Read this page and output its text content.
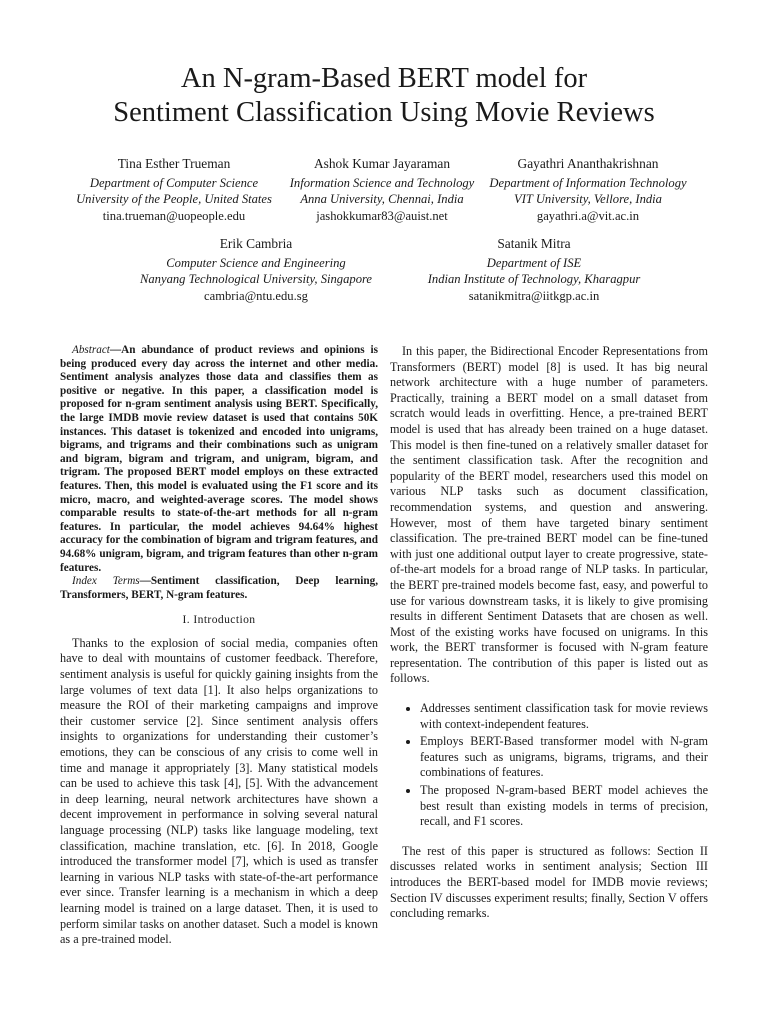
An N-gram-Based BERT model for
Sentiment Classification Using Movie Reviews
Tina Esther Trueman
Department of Computer Science
University of the People, United States
tina.trueman@uopeople.edu
Ashok Kumar Jayaraman
Information Science and Technology
Anna University, Chennai, India
jashokkumar83@auist.net
Gayathri Ananthakrishnan
Department of Information Technology
VIT University, Vellore, India
gayathri.a@vit.ac.in
Erik Cambria
Computer Science and Engineering
Nanyang Technological University, Singapore
cambria@ntu.edu.sg
Satanik Mitra
Department of ISE
Indian Institute of Technology, Kharagpur
satanikmitra@iitkgp.ac.in

Abstract—An abundance of product reviews and opinions is being produced every day across the internet and other media. Sentiment analysis analyzes those data and classifies them as positive or negative. In this paper, a classification model is proposed for n-gram sentiment analysis using BERT. Specifically, the large IMDB movie review dataset is used that contains 50K instances. This dataset is tokenized and encoded into unigrams, bigrams, and trigrams and their combinations such as unigram and bigram, bigram and trigram, and unigram, bigram, and trigram. The proposed BERT model employs on these extracted features. Then, this model is evaluated using the F1 score and its micro, macro, and weighted-average scores. The model shows comparable results to state-of-the-art methods for all n-gram features. In particular, the model achieves 94.64% highest accuracy for the combination of bigram and trigram features, and 94.68% unigram, bigram, and trigram features than other n-gram features.

Index Terms—Sentiment classification, Deep learning, Transformers, BERT, N-gram features.

I. Introduction

Thanks to the explosion of social media, companies often have to deal with mountains of customer feedback. Therefore, sentiment analysis is useful for quickly gaining insights from the large volumes of text data [1]. It also helps organizations to measure the ROI of their marketing campaigns and improve their customer service [2]. Since sentiment analysis offers insights to organizations for understanding their customer’s emotions, they can be conscious of any crisis to come well in time and manage it appropriately [3]. Many statistical models can be used to achieve this task [4], [5]. With the advancement in deep learning, neural network architectures have shown a decent improvement in performance in solving several natural language processing (NLP) tasks like language modeling, text classification, machine translation, etc. [6]. In 2018, Google introduced the transformer model [7], which is used as transfer learning in various NLP tasks with state-of-the-art performance ever since. Transfer learning is a mechanism in which a deep learning model is trained on a large dataset. Then, it is used to perform similar tasks on another dataset. Such a model is known as a pre-trained model.

In this paper, the Bidirectional Encoder Representations from Transformers (BERT) model [8] is used. It has big neural network architecture with a huge number of parameters. Practically, training a BERT model on a small dataset from scratch would leads in overfitting. Hence, a pre-trained BERT model is used that has already been trained on a huge dataset. This model is then fine-tuned on a relatively smaller dataset for the sentiment classification task. After the recognition and popularity of the BERT model, researchers used this model on various NLP tasks such as document classification, recommendation systems, and question and answering. However, most of them have targeted binary sentiment classification. The pre-trained BERT model can be fine-tuned with just one additional output layer to create progressive, state-of-the-art models for a broad range of NLP tasks. In particular, the BERT pre-trained models become fast, easy, and powerful to use for various downstream tasks, it is likely to give promising results in different Sentiment Datasets that are chosen as well. Most of the existing works have focused on unigrams. In this work, the BERT transformer is focused with N-gram feature representation. The contribution of this paper is listed out as follows.

• Addresses sentiment classification task for movie reviews with context-independent features.
• Employs BERT-Based transformer model with N-gram features such as unigrams, bigrams, trigrams, and their combinations of features.
• The proposed N-gram-based BERT model achieves the best result than existing models in terms of precision, recall, and F1 scores.

The rest of this paper is structured as follows: Section II discusses related works in sentiment analysis; Section III introduces the BERT-based model for IMDB movie reviews; Section IV discusses experiment results; finally, Section V offers concluding remarks.
